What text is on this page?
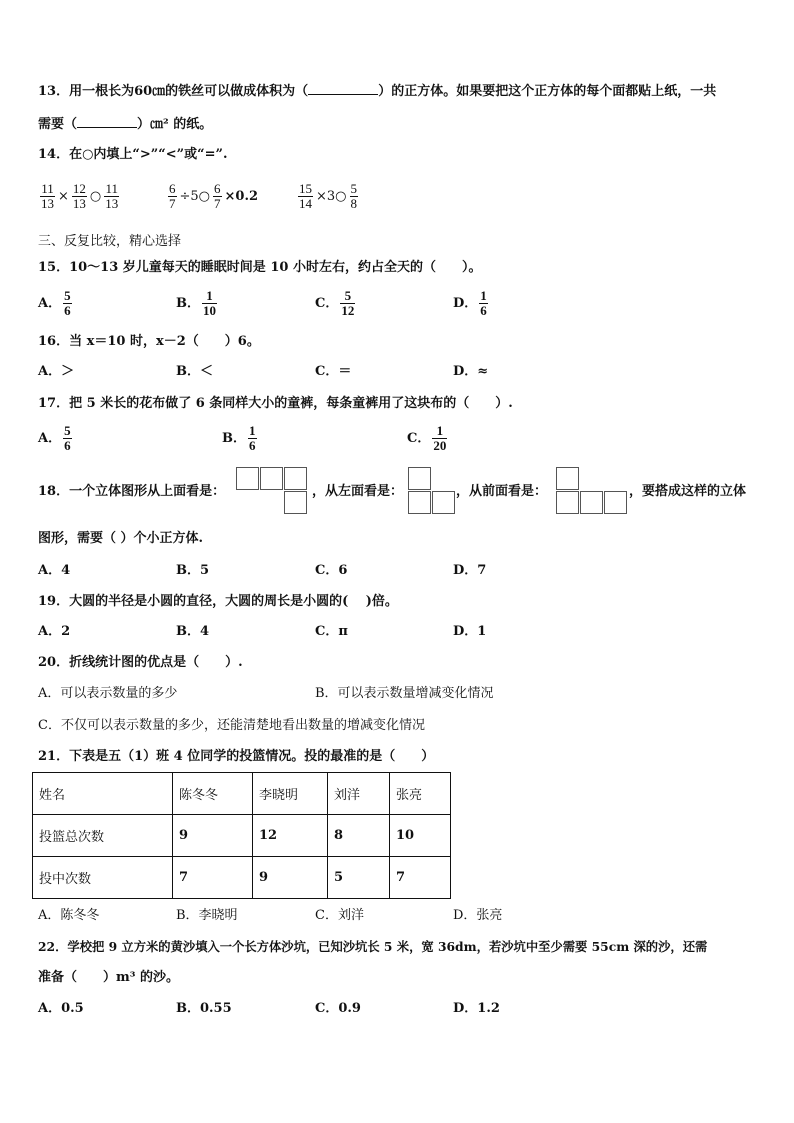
13．用一根长为60㎝的铁丝可以做成体积为（	）的正方体。如果要把这个正方体的每个面都贴上纸，一共
需要（	）㎝² 的纸。
14．在○内填上“>”“<”或“=”.
$\frac{11}{13} \times \frac{12}{13}$ ○ $\frac{11}{13}$	$\frac{6}{7}$ ÷5○ $\frac{6}{7} \times 0.2$	$\frac{15}{14}$ ×3○ $\frac{5}{8}$
三、反复比较，精心选择
15．10～13 岁儿童每天的睡眠时间是 10 小时左右，约占全天的（　　）。
A． $\frac{5}{6}$	B． $\frac{1}{10}$	C． $\frac{5}{12}$	D． $\frac{1}{6}$
16．当 x＝10 时，x－2（　　）6。
A．＞	B．＜	C．＝	D．≈
17．把 5 米长的花布做了 6 条同样大小的童裤，每条童裤用了这块布的（　　）.
A． $\frac{5}{6}$	B． $\frac{1}{6}$	C． $\frac{1}{20}$
18．一个立体图形从上面看是：	，从左面看是：	，从前面看是：	，要搭成这样的立体
图形，需要（ ）个小正方体.
A．4	B．5	C．6	D．7
19．大圆的半径是小圆的直径，大圆的周长是小圆的(　 )倍。
A．2	B．4	C．π	D．1
20．折线统计图的优点是（　　）.
A．可以表示数量的多少	B．可以表示数量增减变化情况
C．不仅可以表示数量的多少，还能清楚地看出数量的增减变化情况
21．下表是五（1）班 4 位同学的投篮情况。投的最准的是（　　）
姓名	陈冬冬	李晓明	刘洋	张亮
投篮总次数	9	12	8	10
投中次数	7	9	5	7
A．陈冬冬	B．李晓明	C．刘洋	D．张亮
22．学校把 9 立方米的黄沙填入一个长方体沙坑，已知沙坑长 5 米，宽 36dm，若沙坑中至少需要 55cm 深的沙，还需
准备（　　）m³ 的沙。
A．0.5	B．0.55	C．0.9	D．1.2
